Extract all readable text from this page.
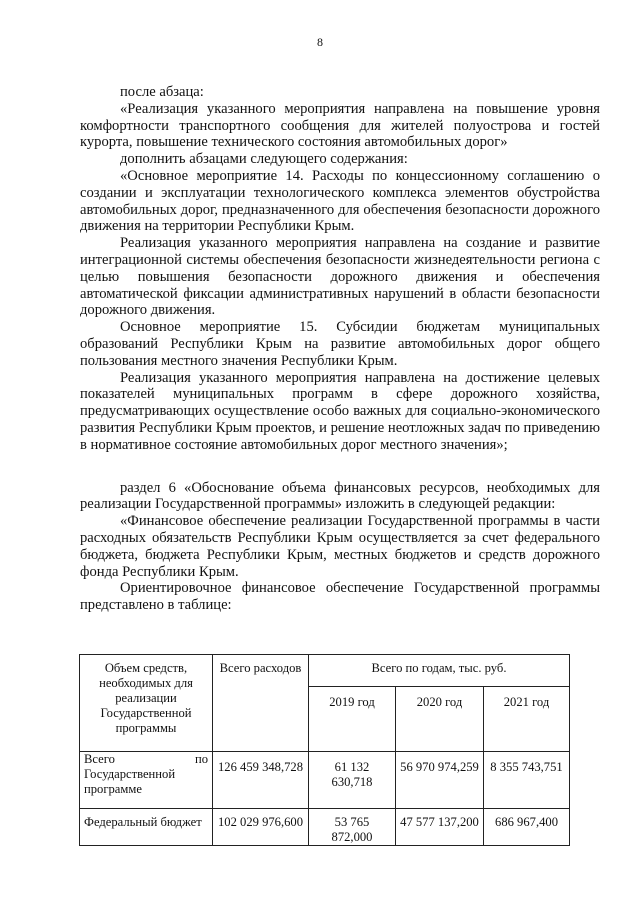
8

после абзаца:

«Реализация указанного мероприятия направлена на повышение уровня комфортности транспортного сообщения для жителей полуострова и гостей курорта, повышение технического состояния автомобильных дорог»

дополнить абзацами следующего содержания:

«Основное мероприятие 14. Расходы по концессионному соглашению о создании и эксплуатации технологического комплекса элементов обустройства автомобильных дорог, предназначенного для обеспечения безопасности дорожного движения на территории Республики Крым.

Реализация указанного мероприятия направлена на создание и развитие интеграционной системы обеспечения безопасности жизнедеятельности региона с целью повышения безопасности дорожного движения и обеспечения автоматической фиксации административных нарушений в области безопасности дорожного движения.

Основное мероприятие 15. Субсидии бюджетам муниципальных образований Республики Крым на развитие автомобильных дорог общего пользования местного значения Республики Крым.

Реализация указанного мероприятия направлена на достижение целевых показателей муниципальных программ в сфере дорожного хозяйства, предусматривающих осуществление особо важных для социально-экономического развития Республики Крым проектов, и решение неотложных задач по приведению в нормативное состояние автомобильных дорог местного значения»;

раздел 6 «Обоснование объема финансовых ресурсов, необходимых для реализации Государственной программы» изложить в следующей редакции:

«Финансовое обеспечение реализации Государственной программы в части расходных обязательств Республики Крым осуществляется за счет федерального бюджета, бюджета Республики Крым, местных бюджетов и средств дорожного фонда Республики Крым.

Ориентировочное финансовое обеспечение Государственной программы представлено в таблице:

Объем средств, необходимых для реализации Государственной программы	Всего расходов	Всего по годам, тыс. руб.		
		2019 год	2020 год	2021 год

Всего по
Государственной программе	126 459 348,728	61 132 630,718	56 970 974,259	8 355 743,751
Федеральный бюджет	102 029 976,600	53 765 872,000	47 577 137,200	686 967,400
